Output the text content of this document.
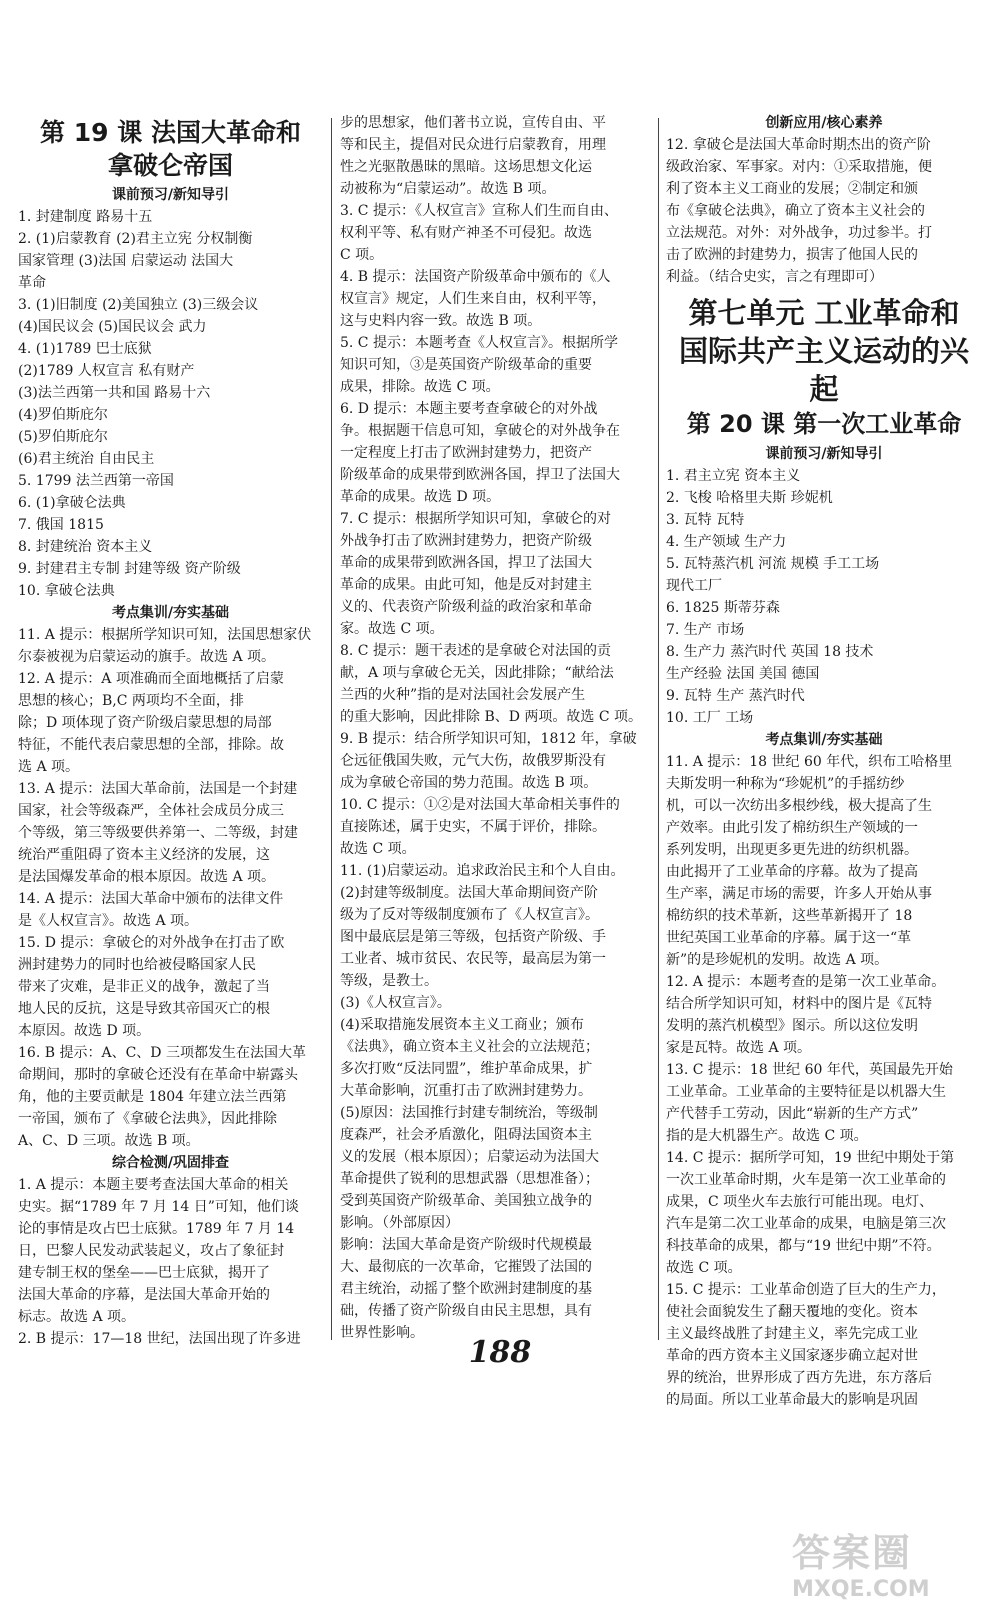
第 19 课 法国大革命和
拿破仑帝国

课前预习/新知导引

1. 封建制度 路易十五

2. (1)启蒙教育 (2)君主立宪 分权制衡

国家管理 (3)法国 启蒙运动 法国大

革命

3. (1)旧制度 (2)美国独立 (3)三级会议

(4)国民议会 (5)国民议会 武力

4. (1)1789 巴士底狱

(2)1789 人权宣言 私有财产

(3)法兰西第一共和国 路易十六

(4)罗伯斯庇尔

(5)罗伯斯庇尔

(6)君主统治 自由民主

5. 1799 法兰西第一帝国

6. (1)拿破仑法典

7. 俄国 1815

8. 封建统治 资本主义

9. 封建君主专制 封建等级 资产阶级

10. 拿破仑法典

考点集训/夯实基础

11. A 提示：根据所学知识可知，法国思想家伏

尔泰被视为启蒙运动的旗手。故选 A 项。

12. A 提示：A 项准确而全面地概括了启蒙

思想的核心；B,C 两项均不全面，排

除；D 项体现了资产阶级启蒙思想的局部

特征，不能代表启蒙思想的全部，排除。故

选 A 项。

13. A 提示：法国大革命前，法国是一个封建

国家，社会等级森严，全体社会成员分成三

个等级，第三等级要供养第一、二等级，封建

统治严重阻碍了资本主义经济的发展，这

是法国爆发革命的根本原因。故选 A 项。

14. A 提示：法国大革命中颁布的法律文件

是《人权宣言》。故选 A 项。

15. D 提示：拿破仑的对外战争在打击了欧

洲封建势力的同时也给被侵略国家人民

带来了灾难，是非正义的战争，激起了当

地人民的反抗，这是导致其帝国灭亡的根

本原因。故选 D 项。

16. B 提示：A、C、D 三项都发生在法国大革

命期间，那时的拿破仑还没有在革命中崭露头

角，他的主要贡献是 1804 年建立法兰西第

一帝国，颁布了《拿破仑法典》，因此排除

A、C、D 三项。故选 B 项。

综合检测/巩固排查

1. A 提示：本题主要考查法国大革命的相关

史实。据“1789 年 7 月 14 日”可知，他们谈

论的事情是攻占巴士底狱。1789 年 7 月 14

日，巴黎人民发动武装起义，攻占了象征封

建专制王权的堡垒——巴士底狱，揭开了

法国大革命的序幕，是法国大革命开始的

标志。故选 A 项。

2. B 提示：17—18 世纪，法国出现了许多进

步的思想家，他们著书立说，宣传自由、平

等和民主，提倡对民众进行启蒙教育，用理

性之光驱散愚昧的黑暗。这场思想文化运

动被称为“启蒙运动”。故选 B 项。

3. C 提示：《人权宣言》宣称人们生而自由、

权利平等、私有财产神圣不可侵犯。故选

C 项。

4. B 提示：法国资产阶级革命中颁布的《人

权宣言》规定，人们生来自由，权利平等，

这与史料内容一致。故选 B 项。

5. C 提示：本题考查《人权宣言》。根据所学

知识可知，③是英国资产阶级革命的重要

成果，排除。故选 C 项。

6. D 提示：本题主要考查拿破仑的对外战

争。根据题干信息可知，拿破仑的对外战争在

一定程度上打击了欧洲封建势力，把资产

阶级革命的成果带到欧洲各国，捍卫了法国大

革命的成果。故选 D 项。

7. C 提示：根据所学知识可知，拿破仑的对

外战争打击了欧洲封建势力，把资产阶级

革命的成果带到欧洲各国，捍卫了法国大

革命的成果。由此可知，他是反对封建主

义的、代表资产阶级利益的政治家和革命

家。故选 C 项。

8. C 提示：题干表述的是拿破仑对法国的贡

献，A 项与拿破仑无关，因此排除；“献给法

兰西的火种”指的是对法国社会发展产生

的重大影响，因此排除 B、D 两项。故选 C 项。

9. B 提示：结合所学知识可知，1812 年，拿破

仑远征俄国失败，元气大伤，故俄罗斯没有

成为拿破仑帝国的势力范围。故选 B 项。

10. C 提示：①②是对法国大革命相关事件的

直接陈述，属于史实，不属于评价，排除。

故选 C 项。

11. (1)启蒙运动。追求政治民主和个人自由。

(2)封建等级制度。法国大革命期间资产阶

级为了反对等级制度颁布了《人权宣言》。

图中最底层是第三等级，包括资产阶级、手

工业者、城市贫民、农民等，最高层为第一

等级，是教士。

(3)《人权宣言》。

(4)采取措施发展资本主义工商业；颁布

《法典》，确立资本主义社会的立法规范；

多次打败“反法同盟”，维护革命成果，扩

大革命影响，沉重打击了欧洲封建势力。

(5)原因：法国推行封建专制统治，等级制

度森严，社会矛盾激化，阻碍法国资本主

义的发展（根本原因）；启蒙运动为法国大

革命提供了锐利的思想武器（思想准备）；

受到英国资产阶级革命、美国独立战争的

影响。（外部原因）

影响：法国大革命是资产阶级时代规模最

大、最彻底的一次革命，它摧毁了法国的

君主统治，动摇了整个欧洲封建制度的基

础，传播了资产阶级自由民主思想，具有

世界性影响。

创新应用/核心素养

12. 拿破仑是法国大革命时期杰出的资产阶

级政治家、军事家。对内：①采取措施，便

利了资本主义工商业的发展；②制定和颁

布《拿破仑法典》，确立了资本主义社会的

立法规范。对外：对外战争，功过参半。打

击了欧洲的封建势力，损害了他国人民的

利益。（结合史实，言之有理即可）

第七单元 工业革命和
国际共产主义运动的兴起
第 20 课 第一次工业革命

课前预习/新知导引

1. 君主立宪 资本主义

2. 飞梭 哈格里夫斯 珍妮机

3. 瓦特 瓦特

4. 生产领域 生产力

5. 瓦特蒸汽机 河流 规模 手工工场

现代工厂

6. 1825 斯蒂芬森

7. 生产 市场

8. 生产力 蒸汽时代 英国 18 技术

生产经验 法国 美国 德国

9. 瓦特 生产 蒸汽时代

10. 工厂 工场

考点集训/夯实基础

11. A 提示：18 世纪 60 年代，织布工哈格里

夫斯发明一种称为“珍妮机”的手摇纺纱

机，可以一次纺出多根纱线，极大提高了生

产效率。由此引发了棉纺织生产领域的一

系列发明，出现更多更先进的纺织机器。

由此揭开了工业革命的序幕。故为了提高

生产率，满足市场的需要，许多人开始从事

棉纺织的技术革新，这些革新揭开了 18

世纪英国工业革命的序幕。属于这一“革

新”的是珍妮机的发明。故选 A 项。

12. A 提示：本题考查的是第一次工业革命。

结合所学知识可知，材料中的图片是《瓦特

发明的蒸汽机模型》图示。所以这位发明

家是瓦特。故选 A 项。

13. C 提示：18 世纪 60 年代，英国最先开始

工业革命。工业革命的主要特征是以机器大生

产代替手工劳动，因此“崭新的生产方式”

指的是大机器生产。故选 C 项。

14. C 提示：据所学可知，19 世纪中期处于第

一次工业革命时期，火车是第一次工业革命的

成果，C 项坐火车去旅行可能出现。电灯、

汽车是第二次工业革命的成果，电脑是第三次

科技革命的成果，都与“19 世纪中期”不符。

故选 C 项。

15. C 提示：工业革命创造了巨大的生产力，

使社会面貌发生了翻天覆地的变化。资本

主义最终战胜了封建主义，率先完成工业

革命的西方资本主义国家逐步确立起对世

界的统治，世界形成了西方先进，东方落后

的局面。所以工业革命最大的影响是巩固

188
答案圈
MXQE.COM
